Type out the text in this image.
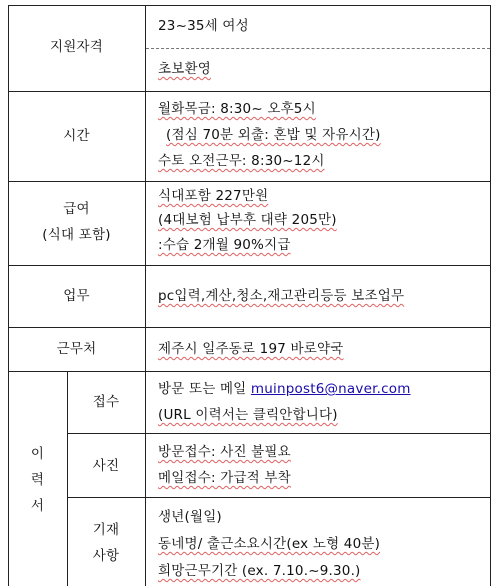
지원자격
23~35세 여성
초보환영
시간
월화목금: 8:30~ 오후5시
(점심 70분 외출: 혼밥 및 자유시간)
수토 오전근무: 8:30~12시
급여
(식대 포함)
식대포함 227만원
(4대보험 납부후 대략 205만)
:수습 2개월 90%지급
업무	pc입력,계산,청소,재고관리등등 보조업무
근무처	제주시 일주동로 197 바로약국
이
력
서
접수
방문 또는 메일 muinpost6@naver.com
(URL 이력서는 클릭안합니다)
사진
방문접수: 사진 불필요
메일접수: 가급적 부착
기재
사항
생년(월일)
동네명/ 출근소요시간(ex 노형 40분)
희망근무기간 (ex. 7.10.~9.30.)
